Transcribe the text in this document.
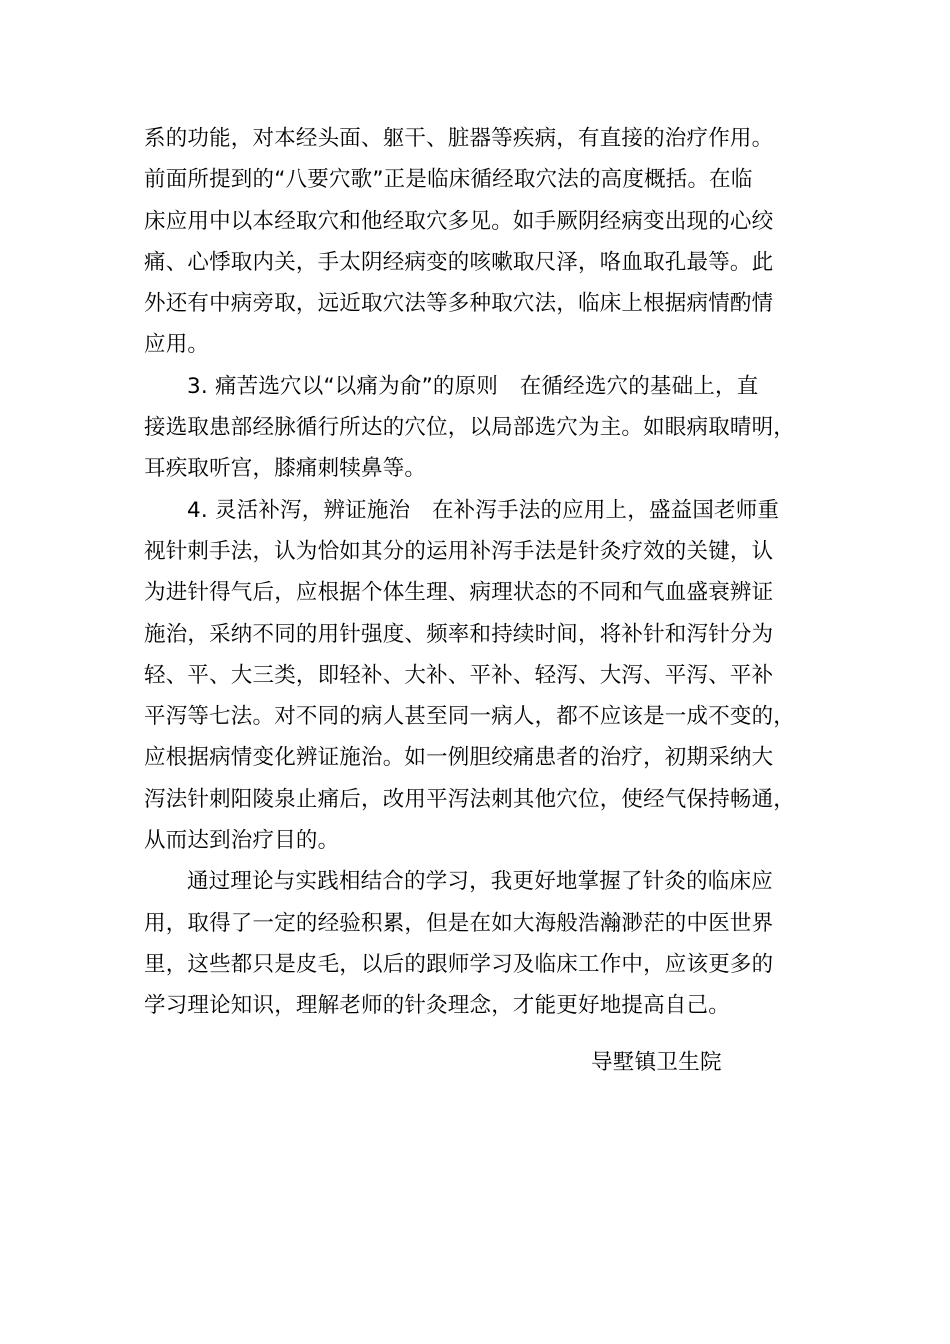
系的功能，对本经头面、躯干、脏器等疾病，有直接的治疗作用。
前面所提到的“八要穴歌”正是临床循经取穴法的高度概括。在临
床应用中以本经取穴和他经取穴多见。如手厥阴经病变出现的心绞
痛、心悸取内关，手太阴经病变的咳嗽取尺泽，咯血取孔最等。此
外还有中病旁取，远近取穴法等多种取穴法，临床上根据病情酌情
应用。
3. 痛苦选穴以“以痛为俞”的原则　在循经选穴的基础上，直
接选取患部经脉循行所达的穴位，以局部选穴为主。如眼病取晴明，
耳疾取听宫，膝痛刺犊鼻等。
4. 灵活补泻，辨证施治　在补泻手法的应用上，盛益国老师重
视针刺手法，认为恰如其分的运用补泻手法是针灸疗效的关键，认
为进针得气后，应根据个体生理、病理状态的不同和气血盛衰辨证
施治，采纳不同的用针强度、频率和持续时间，将补针和泻针分为
轻、平、大三类，即轻补、大补、平补、轻泻、大泻、平泻、平补
平泻等七法。对不同的病人甚至同一病人，都不应该是一成不变的，
应根据病情变化辨证施治。如一例胆绞痛患者的治疗，初期采纳大
泻法针刺阳陵泉止痛后，改用平泻法刺其他穴位，使经气保持畅通，
从而达到治疗目的。
通过理论与实践相结合的学习，我更好地掌握了针灸的临床应
用，取得了一定的经验积累，但是在如大海般浩瀚渺茫的中医世界
里，这些都只是皮毛，以后的跟师学习及临床工作中，应该更多的
学习理论知识，理解老师的针灸理念，才能更好地提高自己。
导墅镇卫生院
